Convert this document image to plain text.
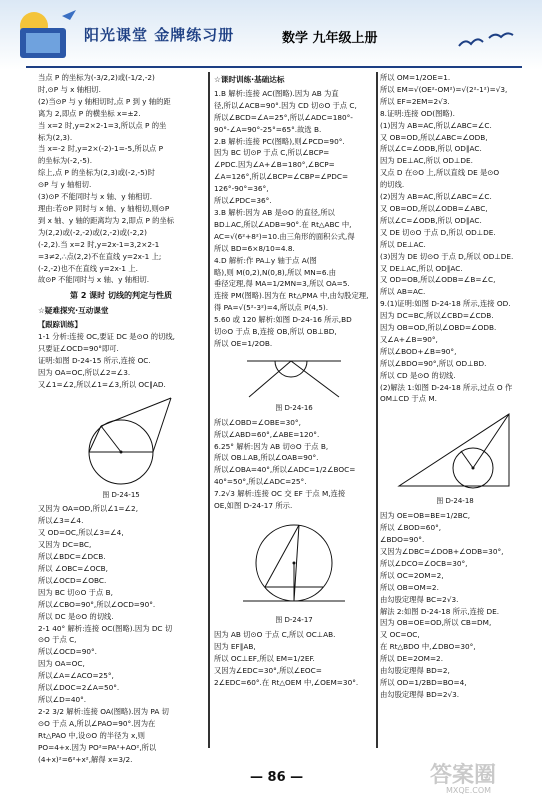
阳光课堂 金牌练习册	数学 九年级上册
当点 P 的坐标为(-3/2,2)或(-1/2,-2)
时,⊙P 与 x 轴相切.
(2)当⊙P 与 y 轴相切时,点 P 到 y 轴的距
离为 2,即点 P 的横坐标 x=±2.
当 x=2 时,y=2×2-1=3,所以点 P 的坐
标为(2,3).
当 x=-2 时,y=2×(-2)-1=-5,所以点 P
的坐标为(-2,-5).
综上,点 P 的坐标为(2,3)或(-2,-5)时
⊙P 与 y 轴相切.
(3)⊙P 不能同时与 x 轴、y 轴相切.
理由:若⊙P 同时与 x 轴、y 轴相切,则⊙P
到 x 轴、y 轴的距离均为 2,即点 P 的坐标
为(2,2)或(-2,-2)或(2,-2)或(-2,2)
(-2,2).当 x=2 时,y=2x-1=3,2×2-1
=3≠2,∴点(2,2)不在直线 y=2x-1 上;
(-2,-2)也不在直线 y=2x-1 上.
故⊙P 不能同时与 x 轴、y 轴相切.
第 2 课时 切线的判定与性质
☆疑难探究·互动课堂
【跟踪训练】
1-1 分析:连接 OC,要证 DC 是⊙O 的切线,
只要证∠OCD=90°即可.
证明:如图 D-24-15 所示,连接 OC.
因为 OA=OC,所以∠2=∠3.
又∠1=∠2,所以∠1=∠3,所以 OC∥AD.
图 D-24-15
又因为 OA=OD,所以∠1=∠2,
所以∠3=∠4.
又 OD=OC,所以∠3=∠4,
又因为 DC=BC,
所以∠BDC=∠DCB.
所以 ∠OBC=∠OCB,
所以∠OCD=∠OBC.
因为 BC 切⊙O 于点 B,
所以∠CBO=90°,所以∠OCD=90°.
所以 DC 是⊙O 的切线.
2-1 40° 解析:连接 OC(图略).因为 DC 切
⊙O 于点 C,
所以∠OCD=90°.
因为 OA=OC,
所以∠A=∠ACO=25°,
所以∠DOC=2∠A=50°.
所以∠D=40°.
2-2 3/2 解析:连接 OA(图略).因为 PA 切
⊙O 于点 A,所以∠PAO=90°.因为在
Rt△PAO 中,设⊙O 的半径为 x,则
PO=4+x.因为 PO²=PA²+AO²,所以
(4+x)²=6²+x²,解得 x=3/2.
☆课时训练·基础达标
1.B 解析:连接 AC(图略).因为 AB 为直
径,所以∠ACB=90°.因为 CD 切⊙O 于点 C,
所以∠BCD=∠A=25°,所以∠ADC=180°-
90°-∠A=90°-25°=65°.故选 B.
2.B 解析:连接 PC(图略),则∠PCD=90°.
因为 BC 切⊙P 于点 C,所以∠BCP=
∠PDC.因为∠A+∠B=180°,∠BCP=
∠A=126°,所以∠BCP=∠CBP=∠PDC=
126°-90°=36°,
所以∠PDC=36°.
3.B 解析:因为 AB 是⊙O 的直径,所以
BD⊥AC,所以∠ADB=90°.在 Rt△ABC 中,
AC=√(6²+8²)=10.由三角形的面积公式,得
所以 BD=6×8/10=4.8.
4.D 解析:作 PA⊥y 轴于点 A(图
略),则 M(0,2),N(0,8),所以 MN=6.由
垂径定理,得 MA=1/2MN=3,所以 OA=5.
连接 PM(图略).因为在 Rt△PMA 中,由勾股定理,
得 PA=√(5²-3²)=4,所以点 P(4,5).
5.60 或 120 解析:如图 D-24-16 所示,BD
切⊙O 于点 B,连接 OB,所以 OB⊥BD,
所以 OE=1/2OB.
图 D-24-16
所以∠OBD=∠OBE=30°,
所以∠ABD=60°,∠ABE=120°.
6.25° 解析:因为 AB 切⊙O 于点 B,
所以 OB⊥AB,所以∠OAB=90°.
所以∠OBA=40°,所以∠ADC=1/2∠BOC=
40°=50°,所以∠ADC=25°.
7.2√3 解析:连接 OC 交 EF 于点 M,连接
OE,如图 D-24-17 所示.
图 D-24-17
因为 AB 切⊙O 于点 C,所以 OC⊥AB.
因为 EF∥AB,
所以 OC⊥EF,所以 EM=1/2EF.
又因为∠EDC=30°,所以∠EOC=
2∠EDC=60°.在 Rt△OEM 中,∠OEM=30°.
所以 OM=1/2OE=1.
所以 EM=√(OE²-OM²)=√(2²-1²)=√3,
所以 EF=2EM=2√3.
8.证明:连接 OD(图略).
(1)因为 AB=AC,所以∠ABC=∠C.
又 OB=OD,所以∠ABC=∠ODB,
所以∠C=∠ODB,所以 OD∥AC.
因为 DE⊥AC,所以 OD⊥DE.
又点 D 在⊙O 上,所以直线 DE 是⊙O
的切线.
(2)因为 AB=AC,所以∠ABC=∠C.
又 OB=OD,所以∠ODB=∠ABC,
所以∠C=∠ODB,所以 OD∥AC.
又 DE 切⊙O 于点 D,所以 OD⊥DE.
所以 DE⊥AC.
(3)因为 DE 切⊙O 于点 D,所以 OD⊥DE.
又 DE⊥AC,所以 OD∥AC.
又 OD=OB,所以∠ODB=∠B=∠C,
所以 AB=AC.
9.(1)证明:如图 D-24-18 所示,连接 OD.
因为 DC=BC,所以∠CBD=∠CDB.
因为 OB=OD,所以∠OBD=∠ODB.
又∠A+∠B=90°,
所以∠BOD+∠B=90°,
所以∠BDO=90°,所以 OD⊥BD.
所以 CD 是⊙O 的切线.
(2)解法 1:如图 D-24-18 所示,过点 O 作
OM⊥CD 于点 M.
图 D-24-18
因为 OE=OB=BE=1/2BC,
所以 ∠BOD=60°,
∠BDO=90°.
又因为∠DBC=∠DOB+∠ODB=30°,
所以∠DCO=∠OCB=30°,
所以 OC=2OM=2,
所以 OB=OM=2.
由勾股定理得 BC=2√3.
解法 2:如图 D-24-18 所示,连接 DE.
因为 OB=OE=OD,所以 CB=DM,
又 OC=OC,
在 Rt△BDO 中,∠DBO=30°,
所以 DE=2OM=2.
由勾股定理得 BD=2,
所以 OD=1/2BD=BO=4,
由勾股定理得 BD=2√3.
— 86 —	答案圈
MXQE.COM
